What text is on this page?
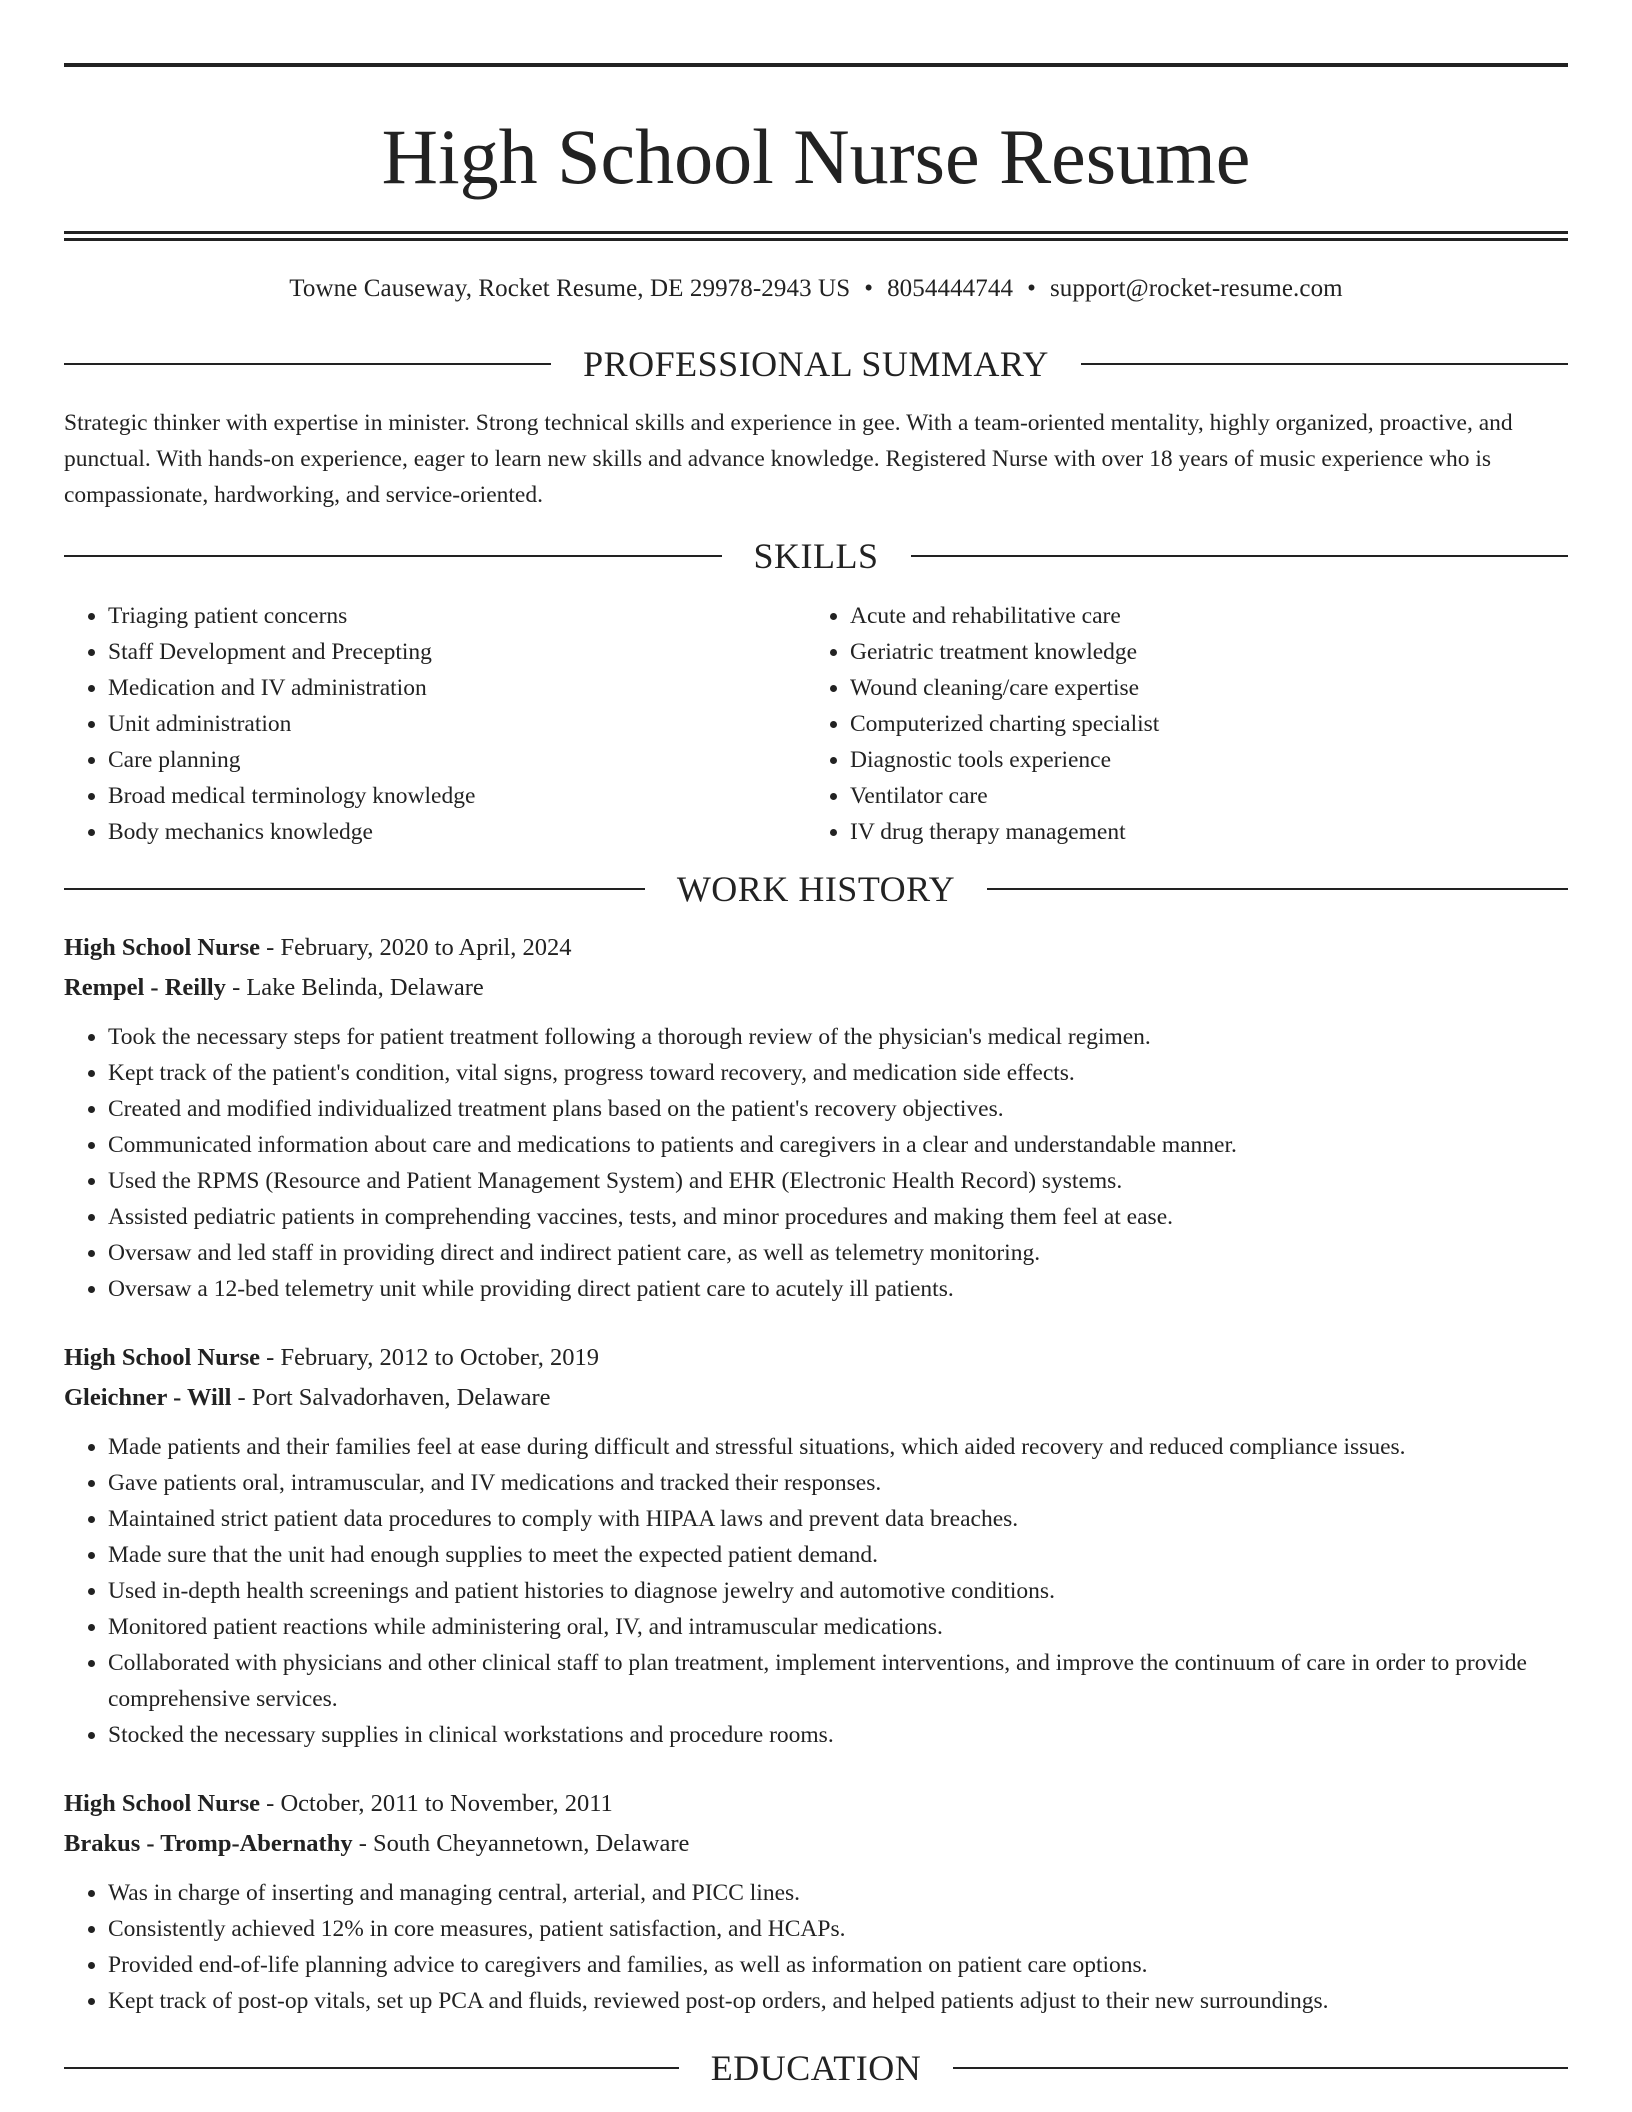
High School Nurse Resume
Towne Causeway, Rocket Resume, DE 29978-2943 US • 8054444744 • support@rocket-resume.com
PROFESSIONAL SUMMARY

Strategic thinker with expertise in minister. Strong technical skills and experience in gee. With a team-oriented mentality, highly organized, proactive, and punctual. With hands-on experience, eager to learn new skills and advance knowledge. Registered Nurse with over 18 years of music experience who is compassionate, hardworking, and service-oriented.

SKILLS
• Triaging patient concerns
• Staff Development and Precepting
• Medication and IV administration
• Unit administration
• Care planning
• Broad medical terminology knowledge
• Body mechanics knowledge
• Acute and rehabilitative care
• Geriatric treatment knowledge
• Wound cleaning/care expertise
• Computerized charting specialist
• Diagnostic tools experience
• Ventilator care
• IV drug therapy management
WORK HISTORY
High School Nurse - February, 2020 to April, 2024
Rempel - Reilly - Lake Belinda, Delaware
• Took the necessary steps for patient treatment following a thorough review of the physician's medical regimen.
• Kept track of the patient's condition, vital signs, progress toward recovery, and medication side effects.
• Created and modified individualized treatment plans based on the patient's recovery objectives.
• Communicated information about care and medications to patients and caregivers in a clear and understandable manner.
• Used the RPMS (Resource and Patient Management System) and EHR (Electronic Health Record) systems.
• Assisted pediatric patients in comprehending vaccines, tests, and minor procedures and making them feel at ease.
• Oversaw and led staff in providing direct and indirect patient care, as well as telemetry monitoring.
• Oversaw a 12-bed telemetry unit while providing direct patient care to acutely ill patients.
High School Nurse - February, 2012 to October, 2019
Gleichner - Will - Port Salvadorhaven, Delaware
• Made patients and their families feel at ease during difficult and stressful situations, which aided recovery and reduced compliance issues.
• Gave patients oral, intramuscular, and IV medications and tracked their responses.
• Maintained strict patient data procedures to comply with HIPAA laws and prevent data breaches.
• Made sure that the unit had enough supplies to meet the expected patient demand.
• Used in-depth health screenings and patient histories to diagnose jewelry and automotive conditions.
• Monitored patient reactions while administering oral, IV, and intramuscular medications.
• Collaborated with physicians and other clinical staff to plan treatment, implement interventions, and improve the continuum of care in order to provide comprehensive services.
• Stocked the necessary supplies in clinical workstations and procedure rooms.
High School Nurse - October, 2011 to November, 2011
Brakus - Tromp-Abernathy - South Cheyannetown, Delaware
• Was in charge of inserting and managing central, arterial, and PICC lines.
• Consistently achieved 12% in core measures, patient satisfaction, and HCAPs.
• Provided end-of-life planning advice to caregivers and families, as well as information on patient care options.
• Kept track of post-op vitals, set up PCA and fluids, reviewed post-op orders, and helped patients adjust to their new surroundings.
EDUCATION
